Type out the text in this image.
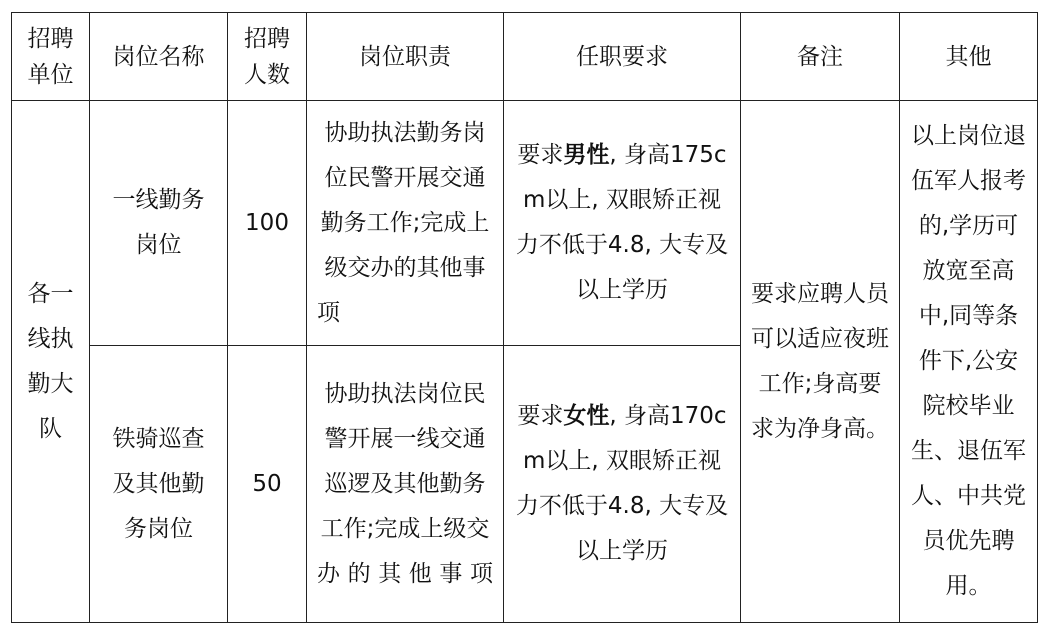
招聘单位	岗位名称	招聘人数	岗位职责	任职要求	备注	其他
各一线执勤大队	一线勤务岗位	100	协助执法勤务岗位民警开展交通勤务工作;完成上级交办的其他事项	要求男性, 身高175cm以上, 双眼矫正视力不低于4.8, 大专及以上学历	要求应聘人员可以适应夜班工作;身高要求为净身高。	以上岗位退伍军人报考的,学历可放宽至高中,同等条件下,公安院校毕业生、退伍军人、中共党员优先聘用。
	铁骑巡查及其他勤务岗位	50	协助执法岗位民警开展一线交通巡逻及其他勤务工作;完成上级交办的其他事项	要求女性, 身高170cm以上, 双眼矫正视力不低于4.8, 大专及以上学历		
